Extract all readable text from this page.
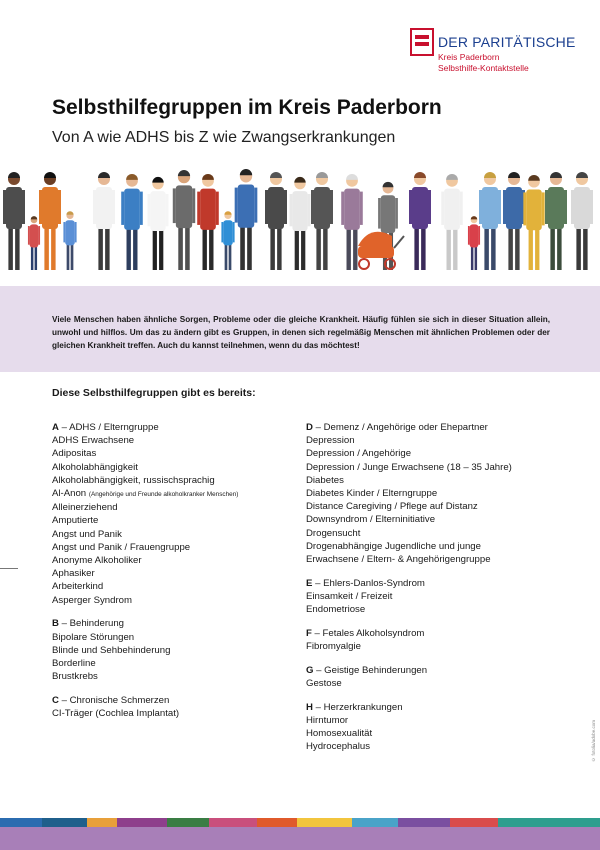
DER PARITÄTISCHE
Kreis Paderborn
Selbsthilfe-Kontaktstelle
Selbsthilfegruppen im Kreis Paderborn
Von A wie ADHS bis Z wie Zwangserkrankungen
Viele Menschen haben ähnliche Sorgen, Probleme oder die gleiche Krankheit. Häufig fühlen sie sich in dieser Situation allein, unwohl und hilflos. Um das zu ändern gibt es Gruppen, in denen sich regelmäßig Menschen mit ähnlichen Problemen oder der gleichen Krankheit treffen. Auch du kannst teilnehmen, wenn du das möchtest!
Diese Selbsthilfegruppen gibt es bereits:
A – ADHS / Elterngruppe
ADHS Erwachsene
Adipositas
Alkoholabhängigkeit
Alkoholabhängigkeit, russischsprachig
Al-Anon (Angehörige und Freunde alkoholkranker Menschen)
Alleinerziehend
Amputierte
Angst und Panik
Angst und Panik / Frauengruppe
Anonyme Alkoholiker
Aphasiker
Arbeiterkind
Asperger Syndrom
B – Behinderung
Bipolare Störungen
Blinde und Sehbehinderung
Borderline
Brustkrebs
C – Chronische Schmerzen
CI-Träger (Cochlea Implantat)
D – Demenz / Angehörige oder Ehepartner
Depression
Depression / Angehörige
Depression / Junge Erwachsene (18 – 35 Jahre)
Diabetes
Diabetes Kinder / Elterngruppe
Distance Caregiving / Pflege auf Distanz
Downsyndrom / Elterninitiative
Drogensucht
Drogenabhängige Jugendliche und junge
Erwachsene / Eltern- & Angehörigengruppe
E – Ehlers-Danlos-Syndrom
Einsamkeit / Freizeit
Endometriose
F – Fetales Alkoholsyndrom
Fibromyalgie
G – Geistige Behinderungen
Gestose
H – Herzerkrankungen
Hirntumor
Homosexualität
Hydrocephalus	© fotolia/adobe.com
